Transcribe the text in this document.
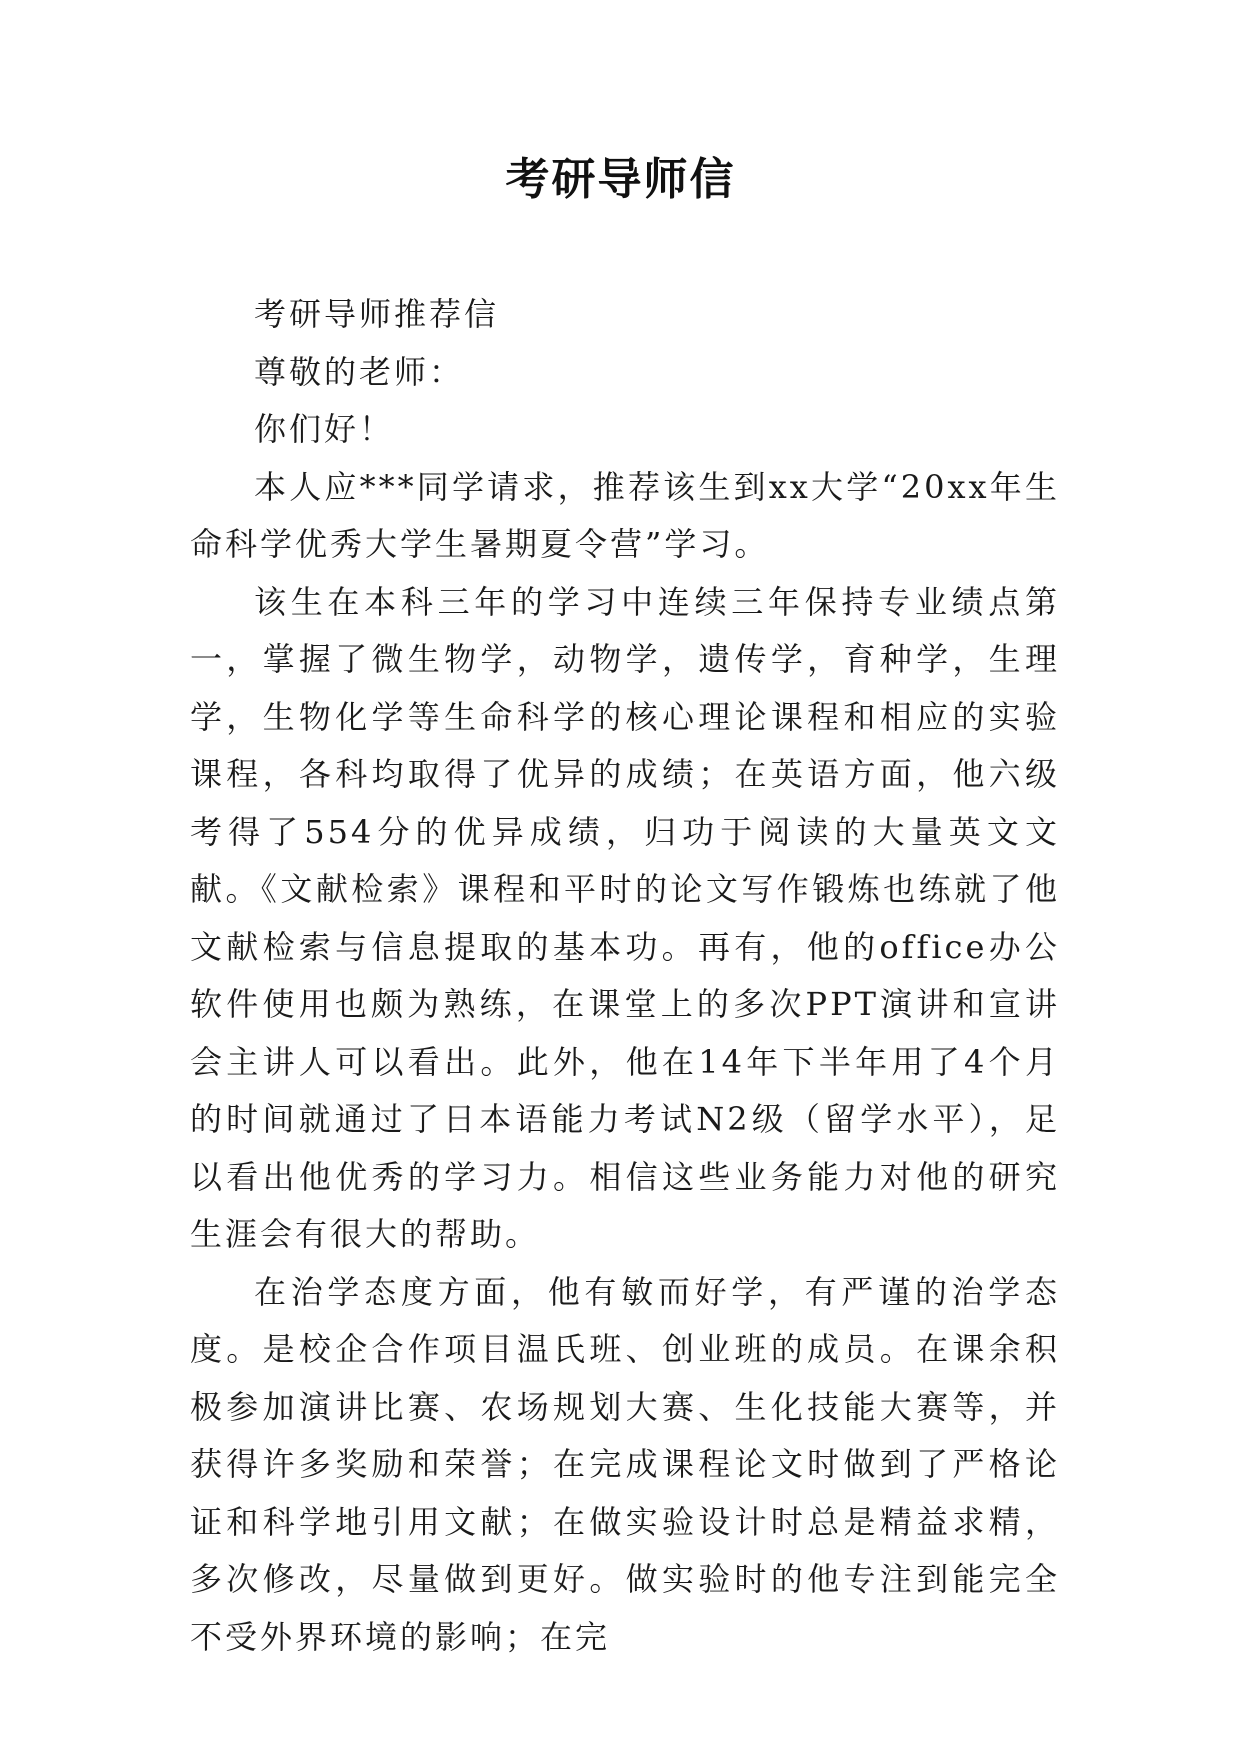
考研导师信

考研导师推荐信

尊敬的老师：

你们好！

本人应***同学请求，推荐该生到xx大学“20xx年生命科学优秀大学生暑期夏令营”学习。

该生在本科三年的学习中连续三年保持专业绩点第一，掌握了微生物学，动物学，遗传学，育种学，生理学，生物化学等生命科学的核心理论课程和相应的实验课程，各科均取得了优异的成绩；在英语方面，他六级考得了554分的优异成绩，归功于阅读的大量英文文献。《文献检索》课程和平时的论文写作锻炼也练就了他文献检索与信息提取的基本功。再有，他的office办公软件使用也颇为熟练，在课堂上的多次PPT演讲和宣讲会主讲人可以看出。此外，他在14年下半年用了4个月的时间就通过了日本语能力考试N2级（留学水平），足以看出他优秀的学习力。相信这些业务能力对他的研究生涯会有很大的帮助。

在治学态度方面，他有敏而好学，有严谨的治学态度。是校企合作项目温氏班、创业班的成员。在课余积极参加演讲比赛、农场规划大赛、生化技能大赛等，并获得许多奖励和荣誉；在完成课程论文时做到了严格论证和科学地引用文献；在做实验设计时总是精益求精，多次修改，尽量做到更好。做实验时的他专注到能完全不受外界环境的影响；在完
